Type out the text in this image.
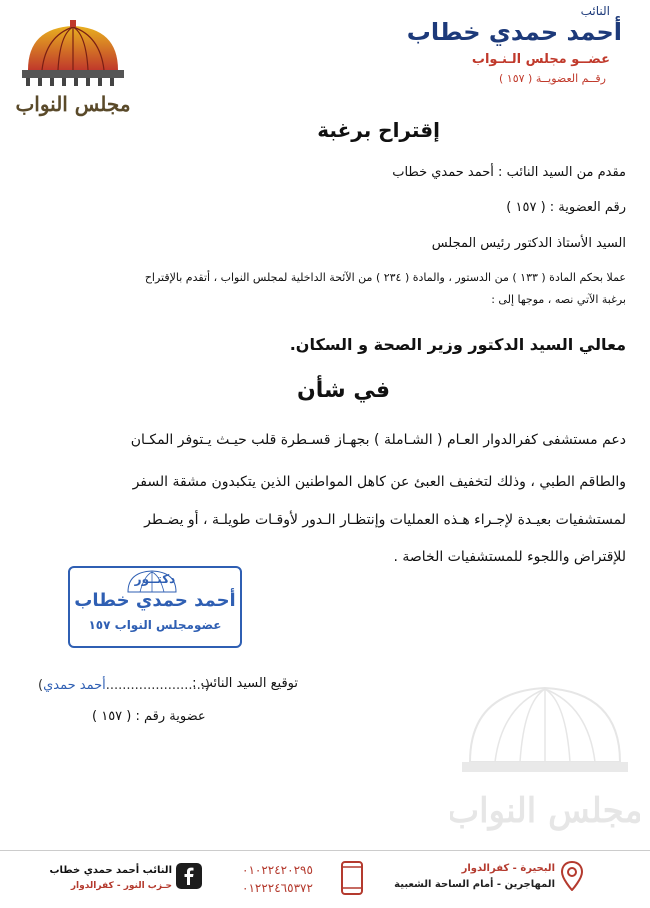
النائب
أحمد حمدي خطاب
عضــو مجلس الـنـواب
رقــم العضويــة ( ١٥٧ )
مجلس النواب
إقتراح برغبة
مقدم من السيد النائب : أحمد حمدي خطاب
رقم العضوية : ( ١٥٧ )
السيد الأستاذ الدكتور رئيس المجلس
عملا بحكم المادة ( ١٣٣ ) من الدستور ، والمادة ( ٢٣٤ ) من الآئحة الداخلية لمجلس النواب ، أتقدم بالإقتراح
برغبة الآتي نصه ، موجها إلى :
معالي السيد الدكتور وزير الصحة و السكان.
في شأن
دعم مستشفى كفرالدوار العـام ( الشـاملة ) بجهـاز قسـطرة قلب حيـث يـتوفر المكـان
والطاقم الطبي ، وذلك لتخفيف العبئ عن كاهل المواطنين الذين يتكبدون مشقة السفر
لمستشفيات بعيـدة لإجـراء هـذه العمليات وإنتظـار الـدور لأوقـات طويلـة ، أو يضـطر
للإقتراض واللجوء للمستشفيات الخاصة .
دكتــور
أحمد حمدي خطاب
عضومجلس النواب ١٥٧
توقيع السيد النائب :
(أحمد حمدي........................)
عضوية رقم : ( ١٥٧ )
مجلس النواب
البحيرة - كفرالدوار
المهاجرين - أمام الساحة الشعبية
٠١٠٢٢٤٢٠٢٩٥
٠١٢٢٢٤٦٥٣٧٢
النائب أحمد حمدي خطاب
حـزب النور - كفرالدوار
